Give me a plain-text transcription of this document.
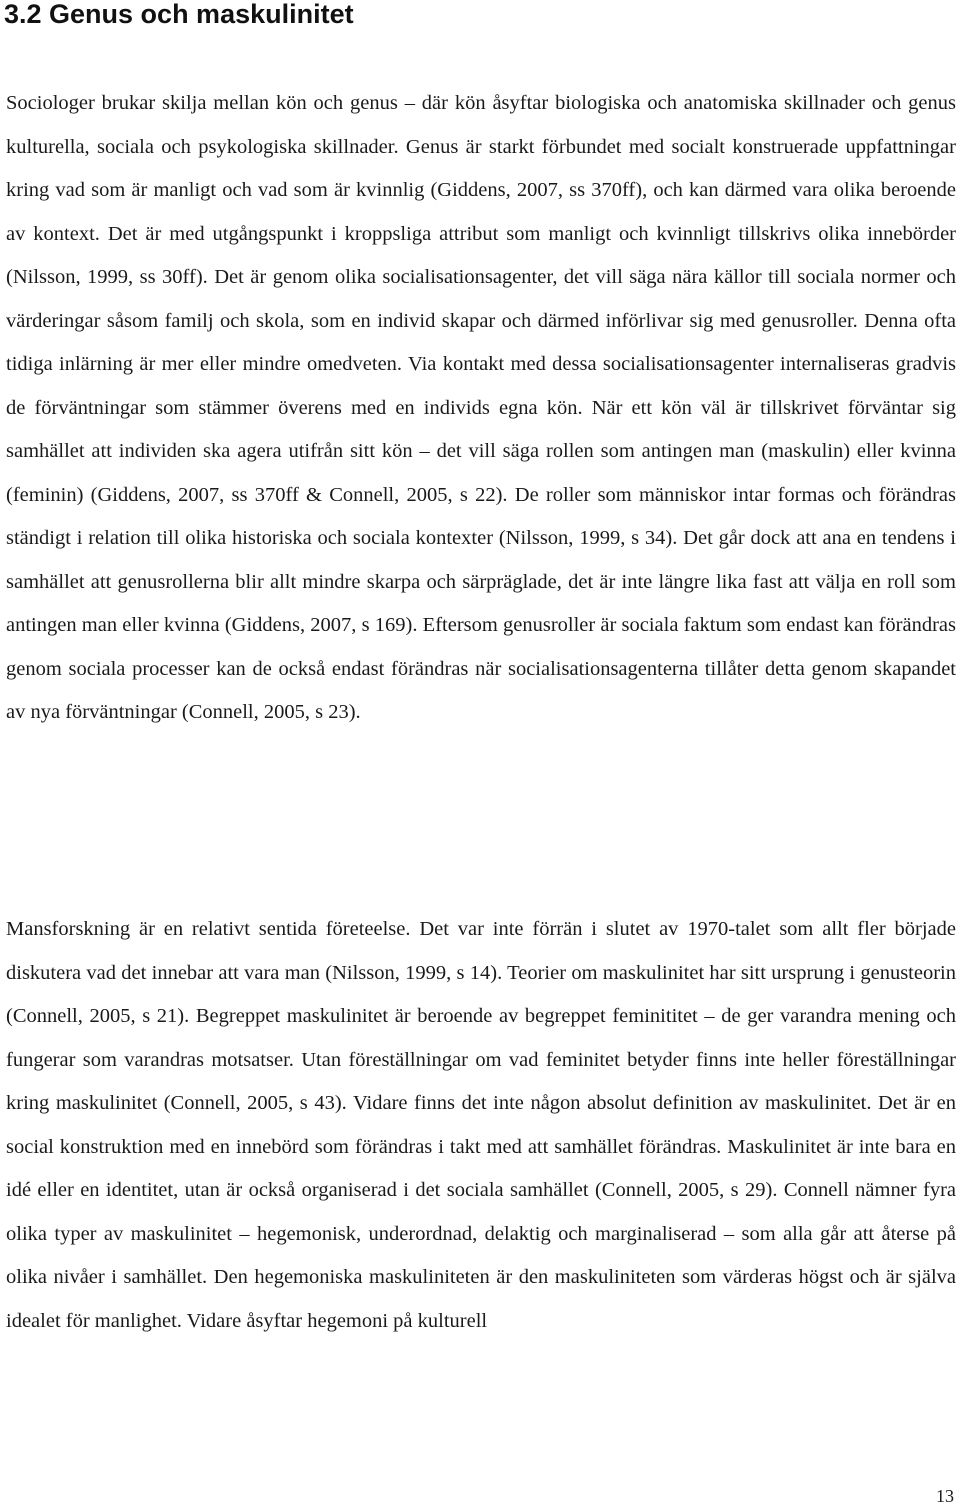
3.2 Genus och maskulinitet

Sociologer brukar skilja mellan kön och genus – där kön åsyftar biologiska och anatomiska skillnader och genus kulturella, sociala och psykologiska skillnader. Genus är starkt förbundet med socialt konstruerade uppfattningar kring vad som är manligt och vad som är kvinnlig (Giddens, 2007, ss 370ff), och kan därmed vara olika beroende av kontext. Det är med utgångspunkt i kroppsliga attribut som manligt och kvinnligt tillskrivs olika innebörder (Nilsson, 1999, ss 30ff). Det är genom olika socialisationsagenter, det vill säga nära källor till sociala normer och värderingar såsom familj och skola, som en individ skapar och därmed införlivar sig med genusroller. Denna ofta tidiga inlärning är mer eller mindre omedveten. Via kontakt med dessa socialisationsagenter internaliseras gradvis de förväntningar som stämmer överens med en individs egna kön. När ett kön väl är tillskrivet förväntar sig samhället att individen ska agera utifrån sitt kön – det vill säga rollen som antingen man (maskulin) eller kvinna (feminin) (Giddens, 2007, ss 370ff & Connell, 2005, s 22). De roller som människor intar formas och förändras ständigt i relation till olika historiska och sociala kontexter (Nilsson, 1999, s 34). Det går dock att ana en tendens i samhället att genusrollerna blir allt mindre skarpa och särpräglade, det är inte längre lika fast att välja en roll som antingen man eller kvinna (Giddens, 2007, s 169). Eftersom genusroller är sociala faktum som endast kan förändras genom sociala processer kan de också endast förändras när socialisationsagenterna tillåter detta genom skapandet av nya förväntningar (Connell, 2005, s 23).

Mansforskning är en relativt sentida företeelse. Det var inte förrän i slutet av 1970-talet som allt fler började diskutera vad det innebar att vara man (Nilsson, 1999, s 14). Teorier om maskulinitet har sitt ursprung i genusteorin (Connell, 2005, s 21). Begreppet maskulinitet är beroende av begreppet feminititet – de ger varandra mening och fungerar som varandras motsatser. Utan föreställningar om vad feminitet betyder finns inte heller föreställningar kring maskulinitet (Connell, 2005, s 43). Vidare finns det inte någon absolut definition av maskulinitet. Det är en social konstruktion med en innebörd som förändras i takt med att samhället förändras. Maskulinitet är inte bara en idé eller en identitet, utan är också organiserad i det sociala samhället (Connell, 2005, s 29). Connell nämner fyra olika typer av maskulinitet – hegemonisk, underordnad, delaktig och marginaliserad – som alla går att återse på olika nivåer i samhället. Den hegemoniska maskuliniteten är den maskuliniteten som värderas högst och är själva idealet för manlighet. Vidare åsyftar hegemoni på kulturell

13
